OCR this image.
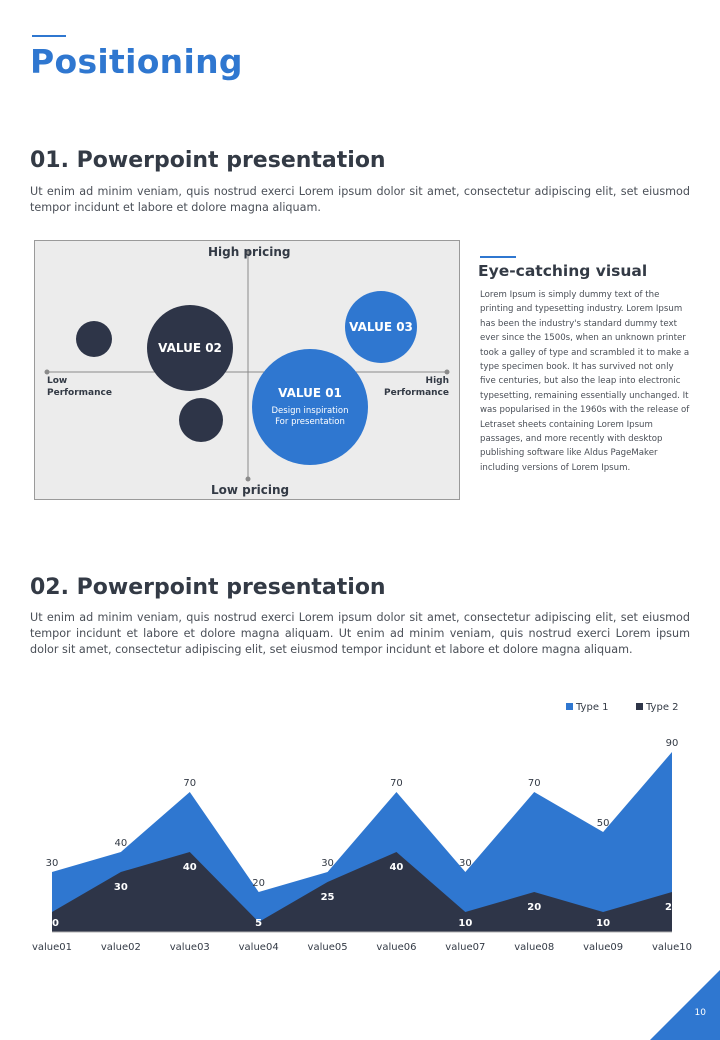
Positioning
01. Powerpoint presentation

Ut enim ad minim veniam, quis nostrud exerci Lorem ipsum dolor sit amet, consectetur adipiscing elit, set eiusmod tempor incidunt et labore et dolore magna aliquam.

High pricing
Low pricing
Low Performance
High Performance
VALUE 02
VALUE 03
VALUE 01
Design inspiration For presentation
Eye-catching visual

Lorem Ipsum is simply dummy text of the printing and typesetting industry. Lorem Ipsum has been the industry's standard dummy text ever since the 1500s, when an unknown printer took a galley of type and scrambled it to make a type specimen book. It has survived not only five centuries, but also the leap into electronic typesetting, remaining essentially unchanged. It was popularised in the 1960s with the release of Letraset sheets containing Lorem Ipsum passages, and more recently with desktop publishing software like Aldus PageMaker including versions of Lorem Ipsum.

02. Powerpoint presentation

Ut enim ad minim veniam, quis nostrud exerci Lorem ipsum dolor sit amet, consectetur adipiscing elit, set eiusmod tempor incidunt et labore et dolore magna aliquam. Ut enim ad minim veniam, quis nostrud exerci Lorem ipsum dolor sit amet, consectetur adipiscing elit, set eiusmod tempor incidunt et labore et dolore magna aliquam.

30
40
70
20
30
70
30
70
50
90
10
30
40
5
25
40
10
20
10
20
value01	value02	value03	value04	value05	value06	value07	value08	value09	value10
Type 1	Type 2
10
